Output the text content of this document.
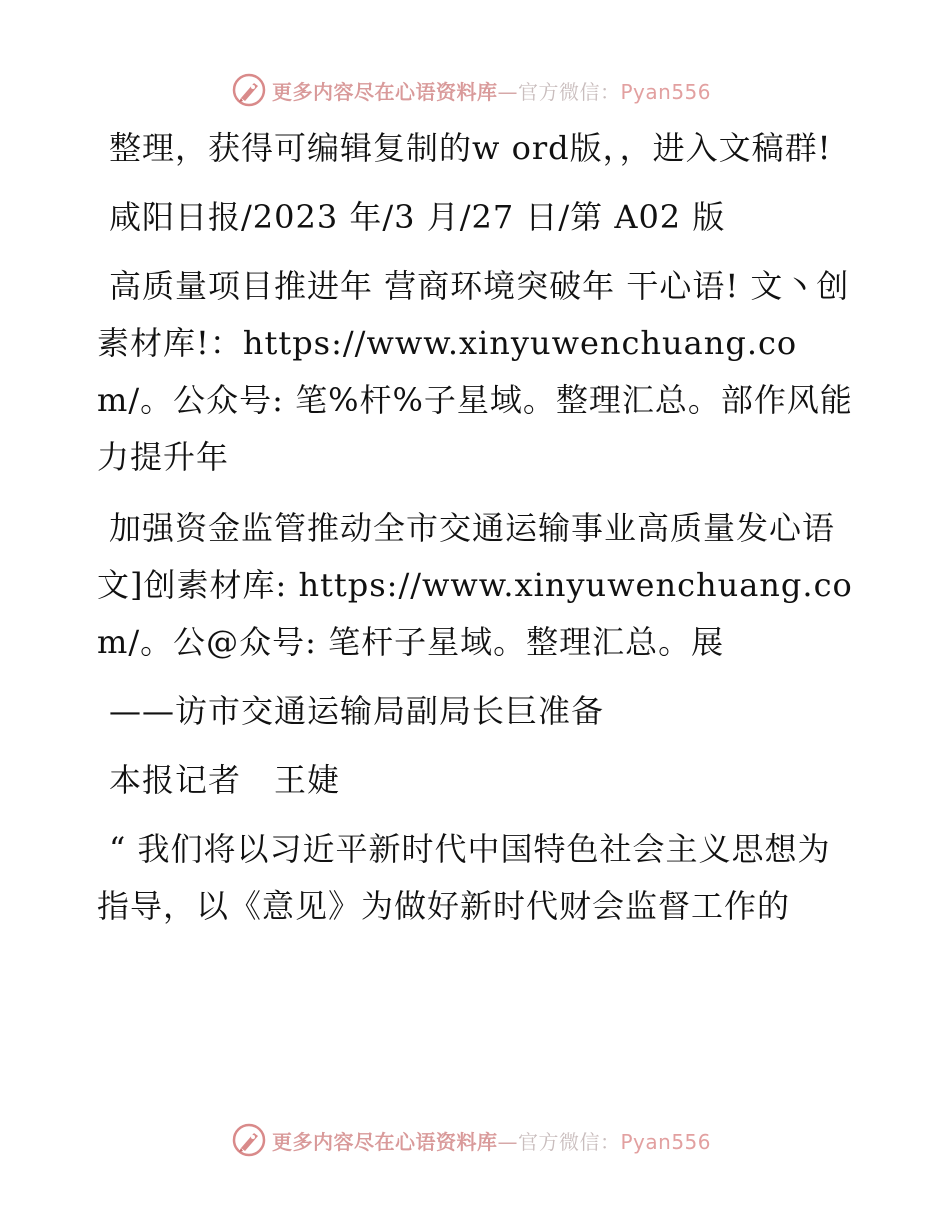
更多内容尽在心语资料库—官方微信：Pyan556

整理，获得可编辑复制的w ord版，，进入文稿群!

咸阳日报/2023 年/3 月/27 日/第 A02 版

高质量项目推进年 营商环境突破年 干心语! 文丶创素材库!：https://www.xinyuwenchuang.com/。公众号: 笔%杆%子星域。整理汇总。部作风能力提升年

加强资金监管推动全市交通运输事业高质量发心语文]创素材库: https://www.xinyuwenchuang.com/。公@众号: 笔杆子星域。整理汇总。展

——访市交通运输局副局长巨准备

本报记者　王婕

“ 我们将以习近平新时代中国特色社会主义思想为指导，以《意见》为做好新时代财会监督工作的

更多内容尽在心语资料库—官方微信：Pyan556
